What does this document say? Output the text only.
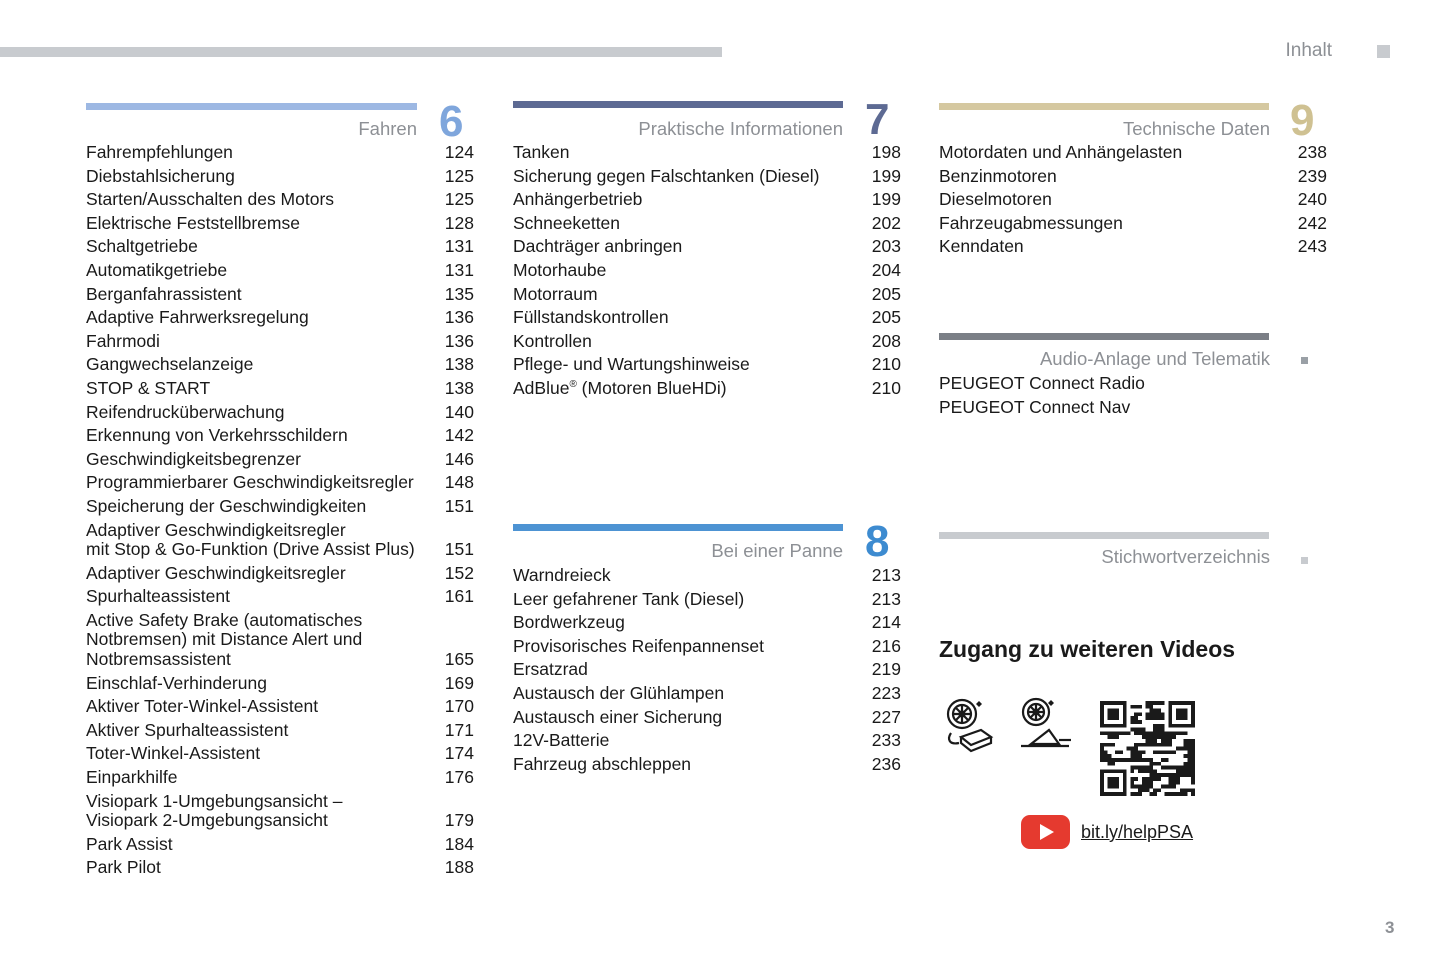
Inhalt
Fahren 6
Fahrempfehlungen	124
Diebstahlsicherung	125
Starten/Ausschalten des Motors	125
Elektrische Feststellbremse	128
Schaltgetriebe	131
Automatikgetriebe	131
Berganfahrassistent	135
Adaptive Fahrwerksregelung	136
Fahrmodi	136
Gangwechselanzeige	138
STOP & START	138
Reifendrucküberwachung	140
Erkennung von Verkehrsschildern	142
Geschwindigkeitsbegrenzer	146
Programmierbarer Geschwindigkeitsregler	148
Speicherung der Geschwindigkeiten	151
Adaptiver Geschwindigkeitsregler
mit Stop & Go-Funktion (Drive Assist Plus)	151
Adaptiver Geschwindigkeitsregler	152
Spurhalteassistent	161
Active Safety Brake (automatisches
Notbremsen) mit Distance Alert und
Notbremsassistent	165
Einschlaf-Verhinderung	169
Aktiver Toter-Winkel-Assistent	170
Aktiver Spurhalteassistent	171
Toter-Winkel-Assistent	174
Einparkhilfe	176
Visiopark 1-Umgebungsansicht –
Visiopark 2-Umgebungsansicht	179
Park Assist	184
Park Pilot	188
Praktische Informationen 7
Tanken	198
Sicherung gegen Falschtanken (Diesel)	199
Anhängerbetrieb	199
Schneeketten	202
Dachträger anbringen	203
Motorhaube	204
Motorraum	205
Füllstandskontrollen	205
Kontrollen	208
Pflege- und Wartungshinweise	210
AdBlue® (Motoren BlueHDi)	210
Bei einer Panne 8
Warndreieck	213
Leer gefahrener Tank (Diesel)	213
Bordwerkzeug	214
Provisorisches Reifenpannenset	216
Ersatzrad	219
Austausch der Glühlampen	223
Austausch einer Sicherung	227
12V-Batterie	233
Fahrzeug abschleppen	236
Technische Daten 9
Motordaten und Anhängelasten	238
Benzinmotoren	239
Dieselmotoren	240
Fahrzeugabmessungen	242
Kenndaten	243
Audio-Anlage und Telematik
PEUGEOT Connect Radio
PEUGEOT Connect Nav
Stichwortverzeichnis
Zugang zu weiteren Videos
bit.ly/helpPSA
3
